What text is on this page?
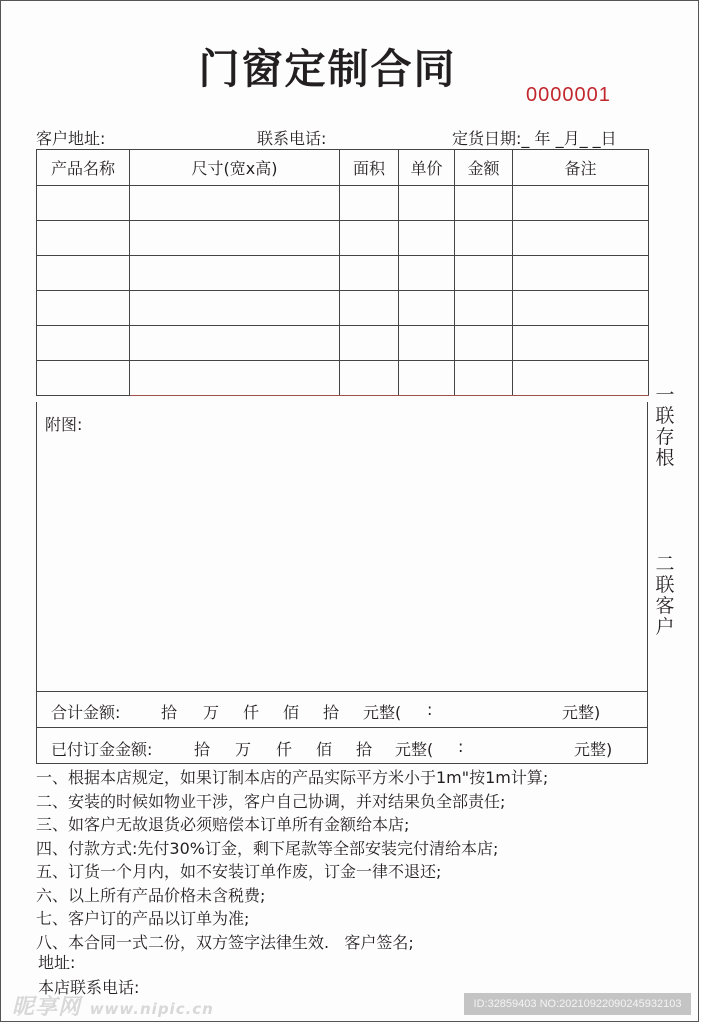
门窗定制合同
0000001
客户地址:	联系电话:	定货日期:_ 年 _月_ _日
产品名称	尺寸(宽x高)	面积	单价	金额	备注

附图:
合计金额:	拾 万 仟 佰 拾 元整( :	元整)
已付订金金额:	拾 万 仟 佰 拾 元整( :	元整)
一
联
存
根
二
联
客
户
一、根据本店规定，如果订制本店的产品实际平方米小于1m"按1m计算;
二、安装的时候如物业干涉，客户自己协调，并对结果负全部责任;
三、如客户无故退货必须赔偿本订单所有金额给本店;
四、付款方式:先付30%订金，剩下尾款等全部安装完付清给本店;
五、订货一个月内，如不安装订单作废，订金一律不退还;
六、以上所有产品价格未含税费;
七、客户订的产品以订单为准;
八、本合同一式二份，双方签字法律生效.   客户签名;
地址:
本店联系电话:
昵享网 www.nipic.cn	ID:32859403 NO:20210922090245932103
